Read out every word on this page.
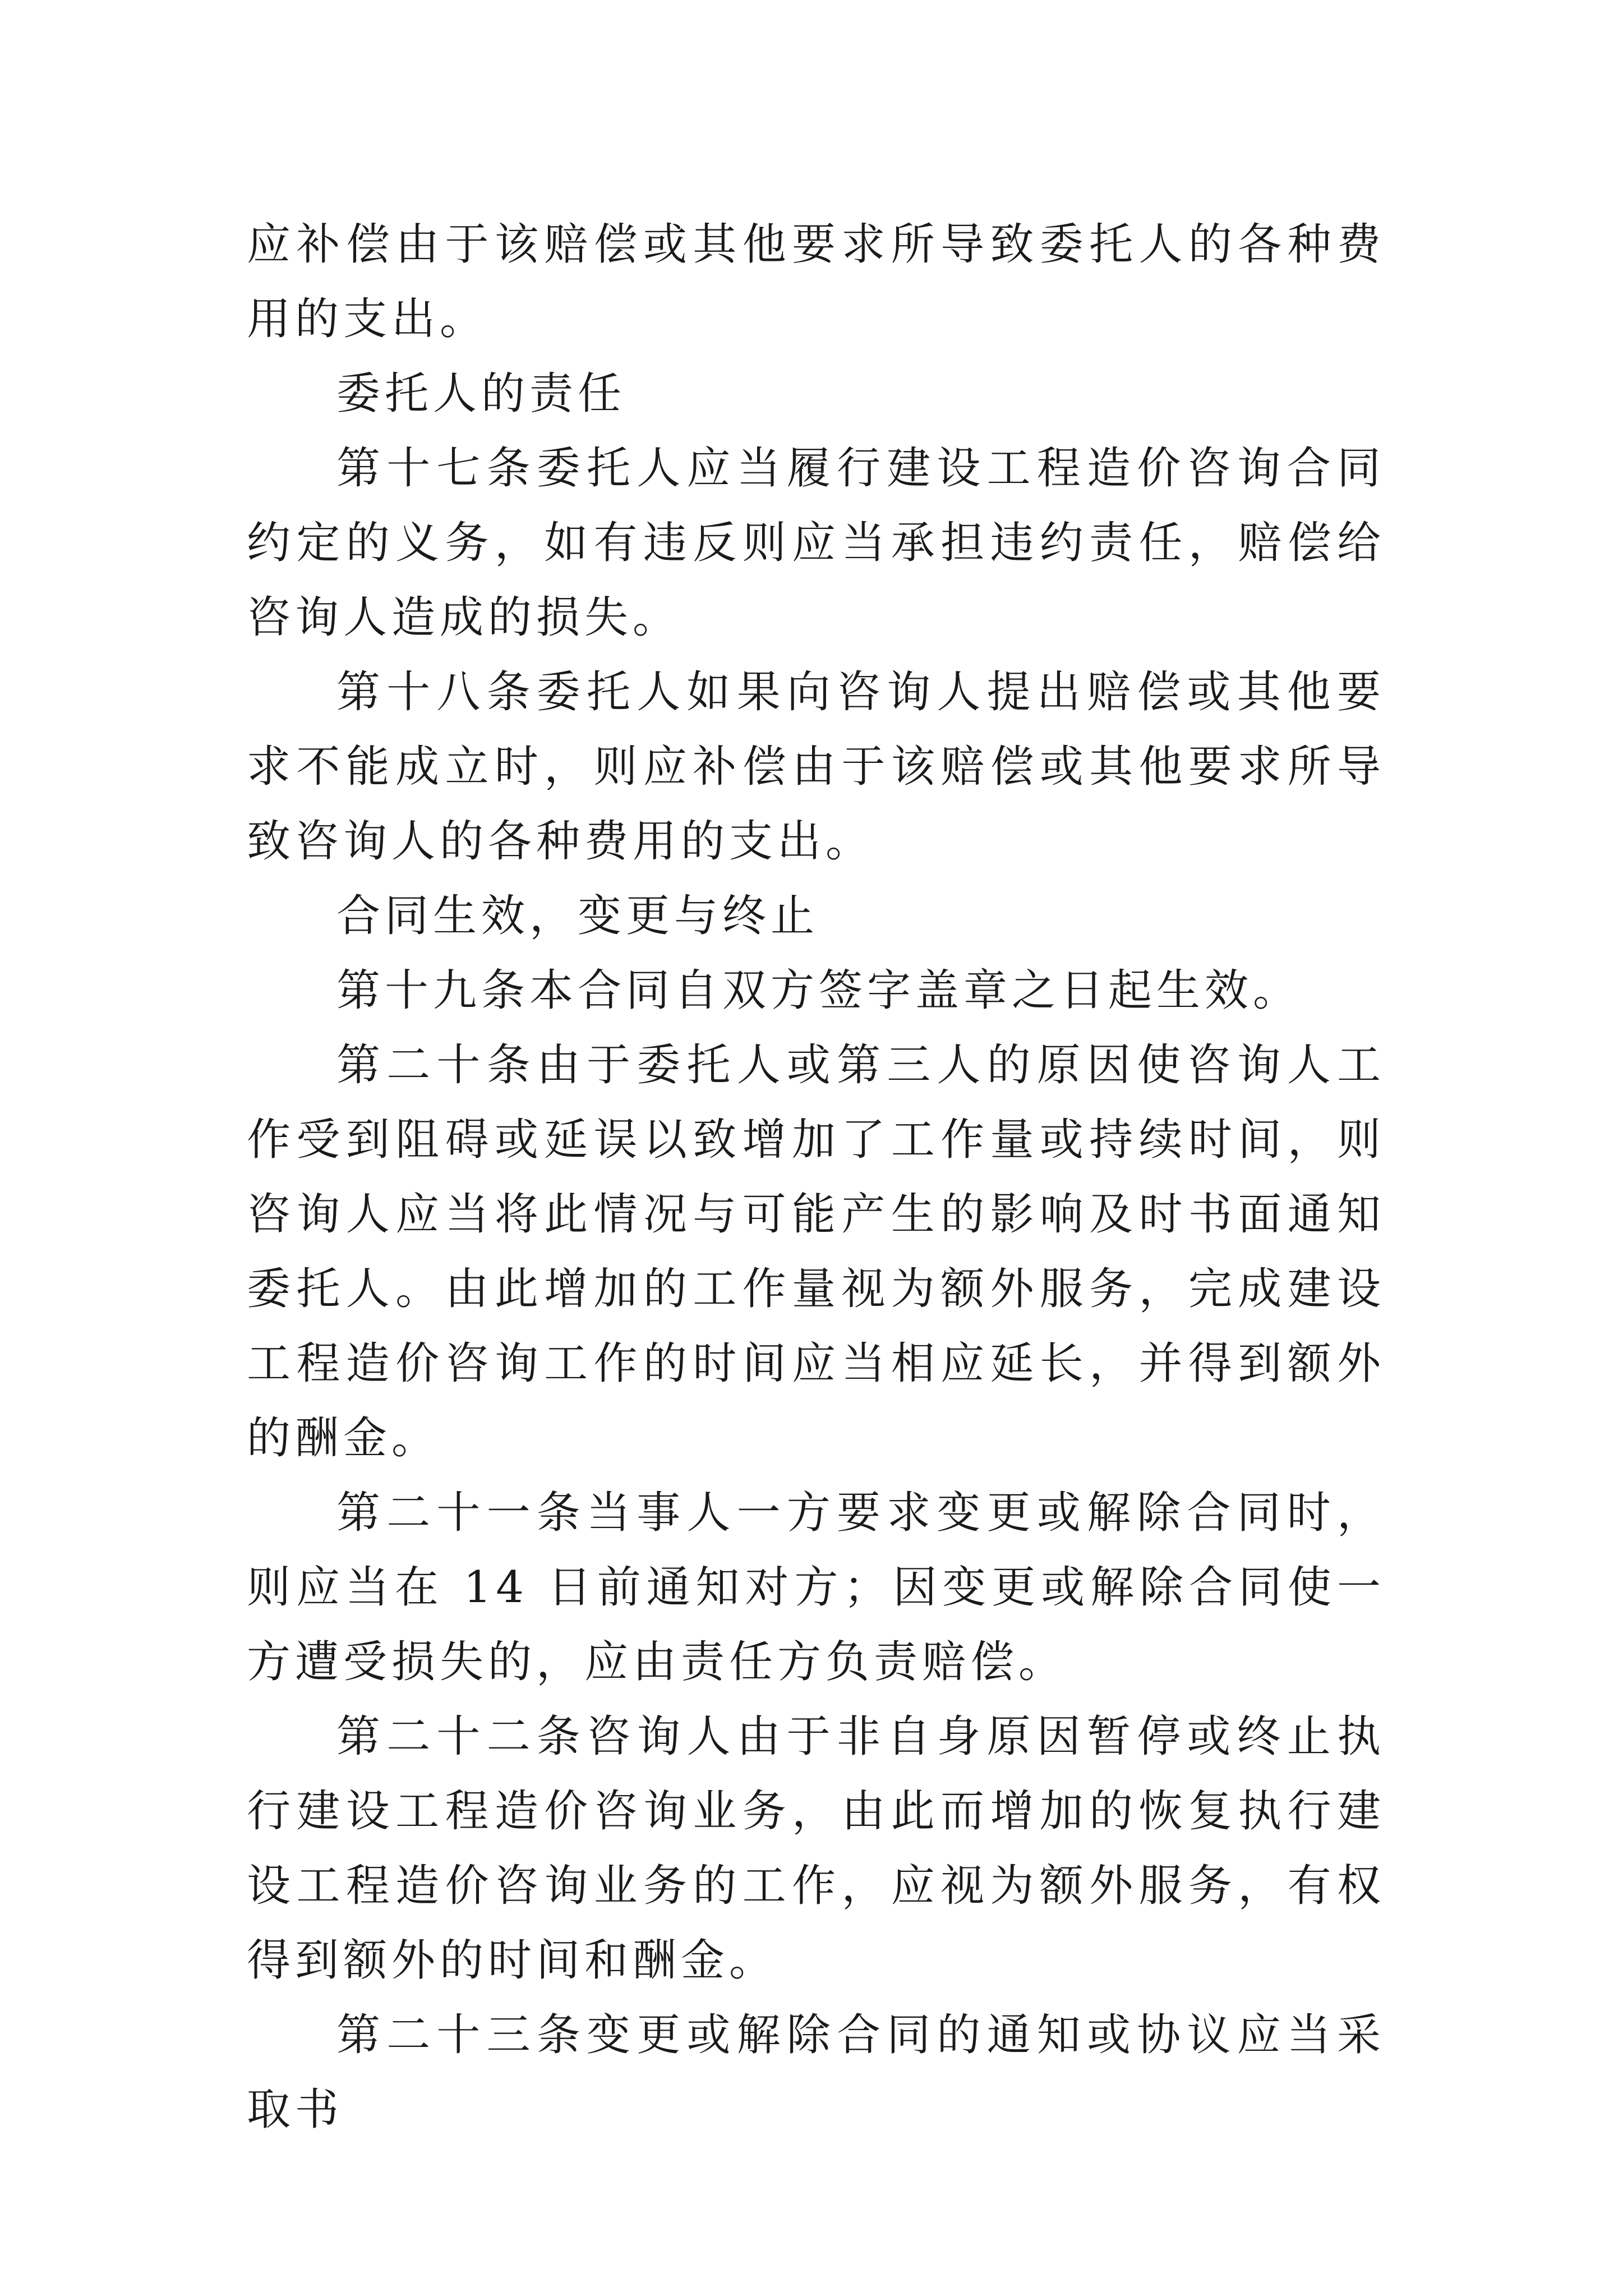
应补偿由于该赔偿或其他要求所导致委托人的各种费用的支出。

委托人的责任

第十七条委托人应当履行建设工程造价咨询合同约定的义务，如有违反则应当承担违约责任，赔偿给咨询人造成的损失。

第十八条委托人如果向咨询人提出赔偿或其他要求不能成立时，则应补偿由于该赔偿或其他要求所导致咨询人的各种费用的支出。

合同生效，变更与终止

第十九条本合同自双方签字盖章之日起生效。

第二十条由于委托人或第三人的原因使咨询人工作受到阻碍或延误以致增加了工作量或持续时间，则咨询人应当将此情况与可能产生的影响及时书面通知委托人。由此增加的工作量视为额外服务，完成建设工程造价咨询工作的时间应当相应延长，并得到额外的酬金。

第二十一条当事人一方要求变更或解除合同时，则应当在 14 日前通知对方；因变更或解除合同使一方遭受损失的，应由责任方负责赔偿。

第二十二条咨询人由于非自身原因暂停或终止执行建设工程造价咨询业务，由此而增加的恢复执行建设工程造价咨询业务的工作，应视为额外服务，有权得到额外的时间和酬金。

第二十三条变更或解除合同的通知或协议应当采取书
